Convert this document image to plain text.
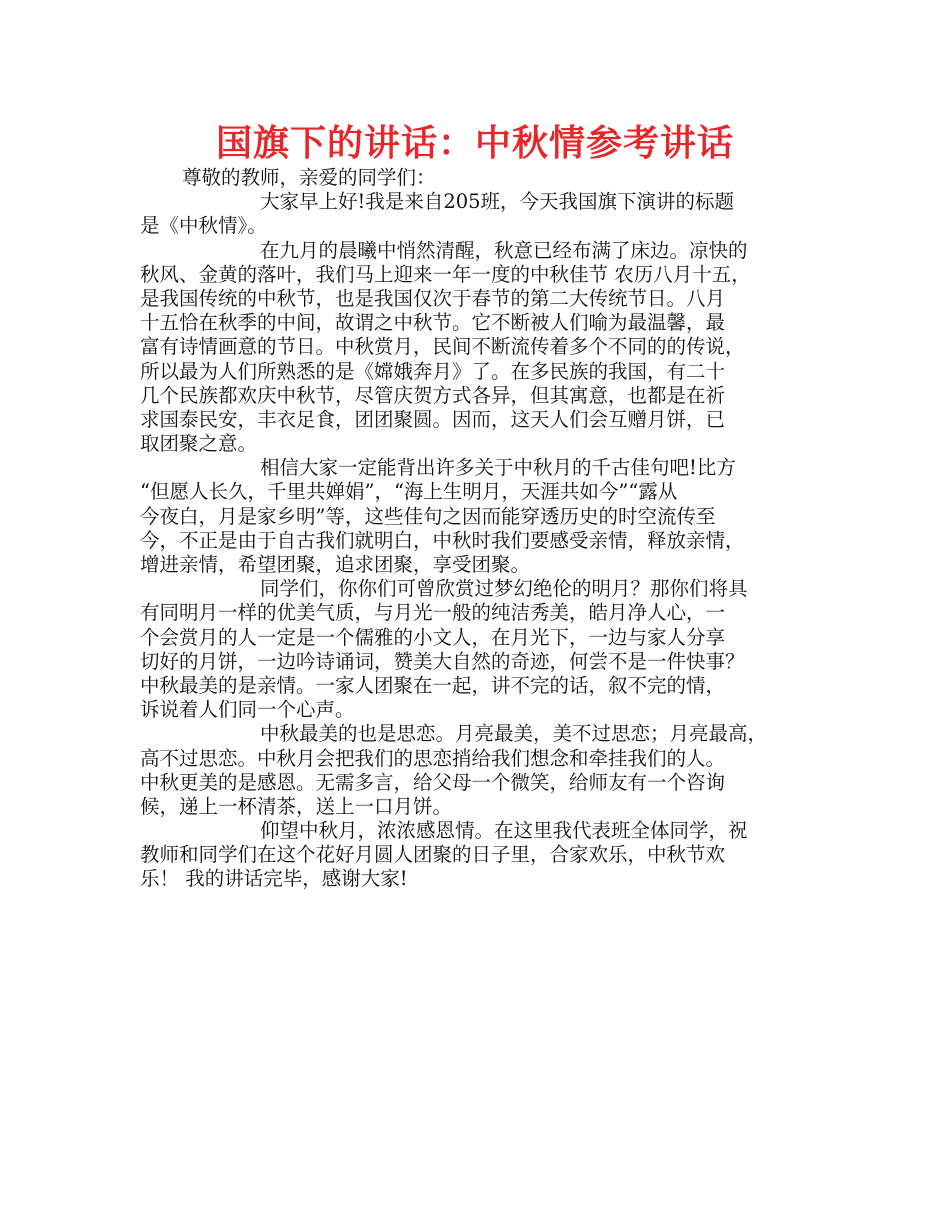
国旗下的讲话：中秋情参考讲话
尊敬的教师，亲爱的同学们：
大家早上好!我是来自205班，今天我国旗下演讲的标题
是《中秋情》。
在九月的晨曦中悄然清醒，秋意已经布满了床边。凉快的
秋风、金黄的落叶，我们马上迎来一年一度的中秋佳节 农历八月十五，
是我国传统的中秋节，也是我国仅次于春节的第二大传统节日。八月
十五恰在秋季的中间，故谓之中秋节。它不断被人们喻为最温馨，最
富有诗情画意的节日。中秋赏月，民间不断流传着多个不同的的传说，
所以最为人们所熟悉的是《嫦娥奔月》了。在多民族的我国，有二十
几个民族都欢庆中秋节，尽管庆贺方式各异，但其寓意，也都是在祈
求国泰民安，丰衣足食，团团聚圆。因而，这天人们会互赠月饼，已
取团聚之意。
相信大家一定能背出许多关于中秋月的千古佳句吧!比方
“但愿人长久，千里共婵娟”，“海上生明月，天涯共如今”“露从
今夜白，月是家乡明”等，这些佳句之因而能穿透历史的时空流传至
今，不正是由于自古我们就明白，中秋时我们要感受亲情，释放亲情，
增进亲情，希望团聚，追求团聚，享受团聚。
同学们，你你们可曾欣赏过梦幻绝伦的明月？那你们将具
有同明月一样的优美气质，与月光一般的纯洁秀美，皓月净人心，一
个会赏月的人一定是一个儒雅的小文人，在月光下，一边与家人分享
切好的月饼，一边吟诗诵词，赞美大自然的奇迹，何尝不是一件快事？
中秋最美的是亲情。一家人团聚在一起，讲不完的话，叙不完的情，
诉说着人们同一个心声。
中秋最美的也是思恋。月亮最美，美不过思恋；月亮最高，
高不过思恋。中秋月会把我们的思恋捎给我们想念和牵挂我们的人。
中秋更美的是感恩。无需多言，给父母一个微笑，给师友有一个咨询
候，递上一杯清茶，送上一口月饼。
仰望中秋月，浓浓感恩情。在这里我代表班全体同学，祝
教师和同学们在这个花好月圆人团聚的日子里，合家欢乐，中秋节欢
乐！ 我的讲话完毕，感谢大家!
